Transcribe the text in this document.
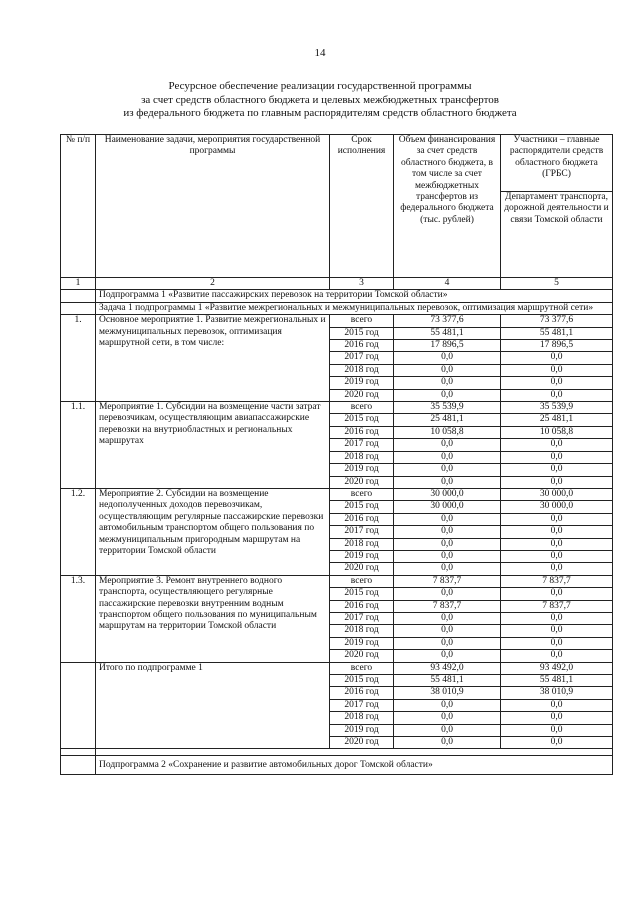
14
Ресурсное обеспечение реализации государственной программы
за счет средств областного бюджета и целевых межбюджетных трансфертов
из федерального бюджета по главным распорядителям средств областного бюджета
№ п/п	Наименование задачи, мероприятия государственной программы	Срок исполнения	Объем финансирования за счет средств областного бюджета, в том числе за счет межбюджетных трансфертов из федерального бюджета (тыс. рублей)	Участники – главные распорядители средств областного бюджета (ГРБС)
				Департамент транспорта, дорожной деятельности и связи Томской области
1	2	3	4	5
	Подпрограмма 1 «Развитие пассажирских перевозок на территории Томской области»			
	Задача 1 подпрограммы 1 «Развитие межрегиональных и межмуниципальных перевозок, оптимизация маршрутной сети»			
1.	Основное мероприятие 1. Развитие межрегиональных и межмуниципальных перевозок, оптимизация маршрутной сети, в том числе:	всего	73 377,6	73 377,6
		2015 год	55 481,1	55 481,1
		2016 год	17 896,5	17 896,5
		2017 год	0,0	0,0
		2018 год	0,0	0,0
		2019 год	0,0	0,0
		2020 год	0,0	0,0
1.1.	Мероприятие 1. Субсидии на возмещение части затрат перевозчикам, осуществляющим авиапассажирские перевозки на внутриобластных и региональных маршрутах	всего	35 539,9	35 539,9
		2015 год	25 481,1	25 481,1
		2016 год	10 058,8	10 058,8
		2017 год	0,0	0,0
		2018 год	0,0	0,0
		2019 год	0,0	0,0
		2020 год	0,0	0,0
1.2.	Мероприятие 2. Субсидии на возмещение недополученных доходов перевозчикам, осуществляющим регулярные пассажирские перевозки автомобильным транспортом общего пользования по межмуниципальным пригородным маршрутам на территории Томской области	всего	30 000,0	30 000,0
		2015 год	30 000,0	30 000,0
		2016 год	0,0	0,0
		2017 год	0,0	0,0
		2018 год	0,0	0,0
		2019 год	0,0	0,0
		2020 год	0,0	0,0
1.3.	Мероприятие 3. Ремонт внутреннего водного транспорта, осуществляющего регулярные пассажирские перевозки внутренним водным транспортом общего пользования по муниципальным маршрутам на территории Томской области	всего	7 837,7	7 837,7
		2015 год	0,0	0,0
		2016 год	7 837,7	7 837,7
		2017 год	0,0	0,0
		2018 год	0,0	0,0
		2019 год	0,0	0,0
		2020 год	0,0	0,0
	Итого по подпрограмме 1	всего	93 492,0	93 492,0
		2015 год	55 481,1	55 481,1
		2016 год	38 010,9	38 010,9
		2017 год	0,0	0,0
		2018 год	0,0	0,0
		2019 год	0,0	0,0
		2020 год	0,0	0,0

	Подпрограмма 2 «Сохранение и развитие автомобильных дорог Томской области»			
